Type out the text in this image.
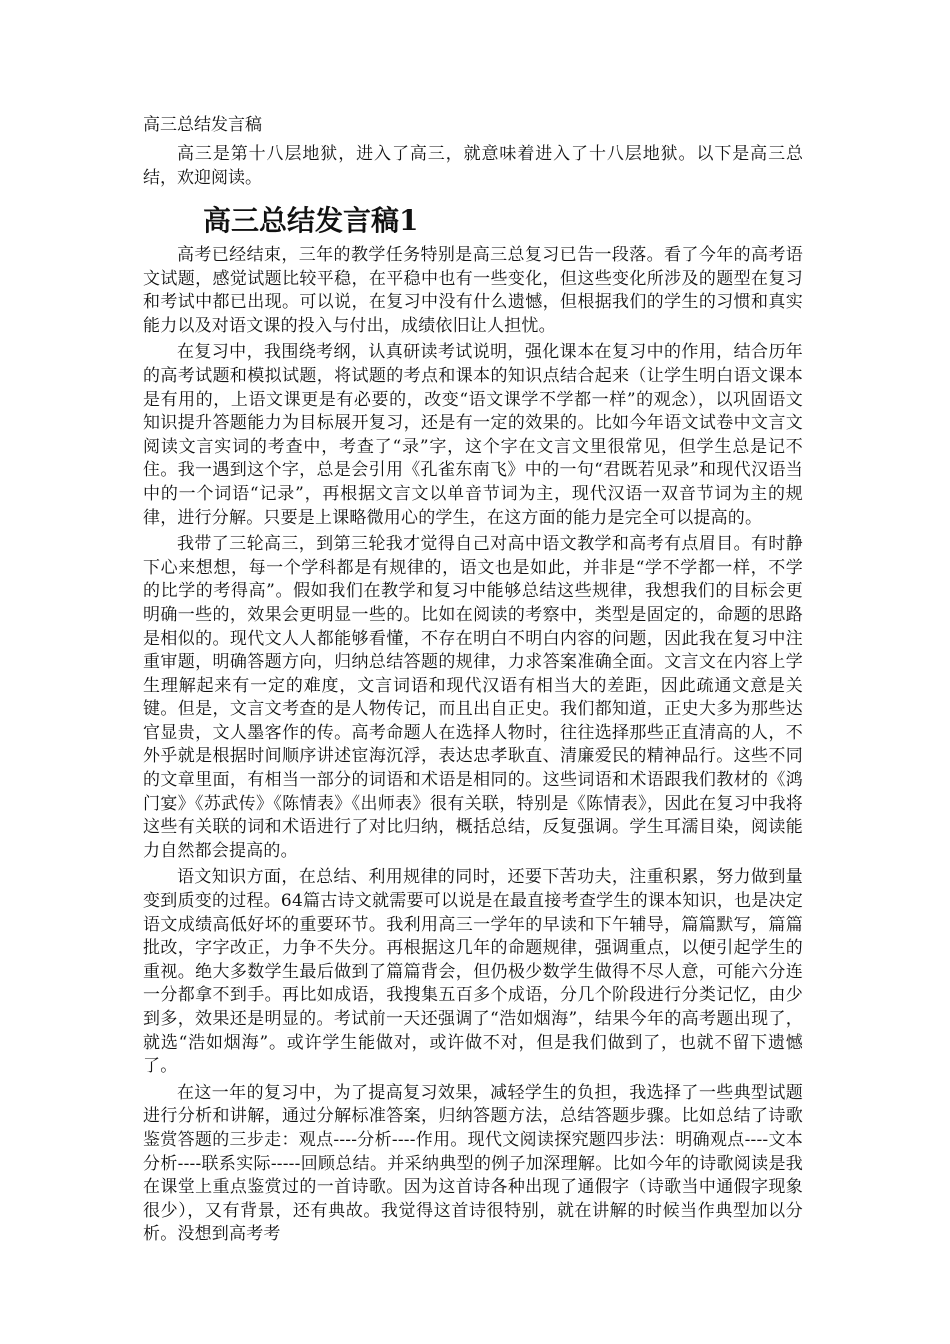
高三总结发言稿

高三是第十八层地狱，进入了高三，就意味着进入了十八层地狱。以下是高三总结，欢迎阅读。

高三总结发言稿1

高考已经结束，三年的教学任务特别是高三总复习已告一段落。看了今年的高考语文试题，感觉试题比较平稳，在平稳中也有一些变化，但这些变化所涉及的题型在复习和考试中都已出现。可以说，在复习中没有什么遗憾，但根据我们的学生的习惯和真实能力以及对语文课的投入与付出，成绩依旧让人担忧。

在复习中，我围绕考纲，认真研读考试说明，强化课本在复习中的作用，结合历年的高考试题和模拟试题，将试题的考点和课本的知识点结合起来（让学生明白语文课本是有用的，上语文课更是有必要的，改变“语文课学不学都一样”的观念），以巩固语文知识提升答题能力为目标展开复习，还是有一定的效果的。比如今年语文试卷中文言文阅读文言实词的考查中，考查了“录”字，这个字在文言文里很常见，但学生总是记不住。我一遇到这个字，总是会引用《孔雀东南飞》中的一句“君既若见录”和现代汉语当中的一个词语“记录”，再根据文言文以单音节词为主，现代汉语一双音节词为主的规律，进行分解。只要是上课略微用心的学生，在这方面的能力是完全可以提高的。

我带了三轮高三，到第三轮我才觉得自己对高中语文教学和高考有点眉目。有时静下心来想想，每一个学科都是有规律的，语文也是如此，并非是“学不学都一样，不学的比学的考得高”。假如我们在教学和复习中能够总结这些规律，我想我们的目标会更明确一些的，效果会更明显一些的。比如在阅读的考察中，类型是固定的，命题的思路是相似的。现代文人人都能够看懂，不存在明白不明白内容的问题，因此我在复习中注重审题，明确答题方向，归纳总结答题的规律，力求答案准确全面。文言文在内容上学生理解起来有一定的难度，文言词语和现代汉语有相当大的差距，因此疏通文意是关键。但是，文言文考查的是人物传记，而且出自正史。我们都知道，正史大多为那些达官显贵，文人墨客作的传。高考命题人在选择人物时，往往选择那些正直清高的人，不外乎就是根据时间顺序讲述宦海沉浮，表达忠孝耿直、清廉爱民的精神品行。这些不同的文章里面，有相当一部分的词语和术语是相同的。这些词语和术语跟我们教材的《鸿门宴》《苏武传》《陈情表》《出师表》很有关联，特别是《陈情表》，因此在复习中我将这些有关联的词和术语进行了对比归纳，概括总结，反复强调。学生耳濡目染，阅读能力自然都会提高的。

语文知识方面，在总结、利用规律的同时，还要下苦功夫，注重积累，努力做到量变到质变的过程。64篇古诗文就需要可以说是在最直接考查学生的课本知识，也是决定语文成绩高低好坏的重要环节。我利用高三一学年的早读和下午辅导，篇篇默写，篇篇批改，字字改正，力争不失分。再根据这几年的命题规律，强调重点，以便引起学生的重视。绝大多数学生最后做到了篇篇背会，但仍极少数学生做得不尽人意，可能六分连一分都拿不到手。再比如成语，我搜集五百多个成语，分几个阶段进行分类记忆，由少到多，效果还是明显的。考试前一天还强调了“浩如烟海”，结果今年的高考题出现了，就选“浩如烟海”。或许学生能做对，或许做不对，但是我们做到了，也就不留下遗憾了。

在这一年的复习中，为了提高复习效果，减轻学生的负担，我选择了一些典型试题进行分析和讲解，通过分解标准答案，归纳答题方法，总结答题步骤。比如总结了诗歌鉴赏答题的三步走：观点----分析----作用。现代文阅读探究题四步法：明确观点----文本分析----联系实际-----回顾总结。并采纳典型的例子加深理解。比如今年的诗歌阅读是我在课堂上重点鉴赏过的一首诗歌。因为这首诗各种出现了通假字（诗歌当中通假字现象很少），又有背景，还有典故。我觉得这首诗很特别，就在讲解的时候当作典型加以分析。没想到高考考
